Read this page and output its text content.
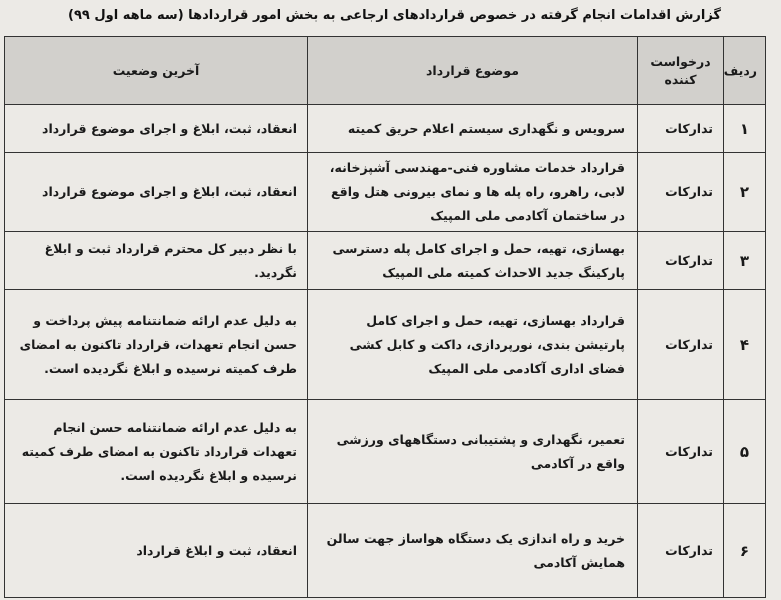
گزارش اقدامات انجام گرفته در خصوص قراردادهای ارجاعی به بخش امور قراردادها (سه ماهه اول ۹۹)
ردیف	درخواست کننده	موضوع قرارداد	آخرین وضعیت
۱	تدارکات	سرویس و نگهداری سیستم اعلام حریق کمیته	انعقاد، ثبت، ابلاغ و اجرای موضوع قرارداد
۲	تدارکات	قرارداد خدمات مشاوره فنی-مهندسی آشپزخانه، لابی، راهرو، راه پله ها و نمای بیرونی هتل واقع در ساختمان آکادمی ملی المپیک	انعقاد، ثبت، ابلاغ و اجرای موضوع قرارداد
۳	تدارکات	بهسازی، تهیه، حمل و اجرای کامل پله دسترسی پارکینگ جدید الاحداث کمیته ملی المپیک	با نظر دبیر کل محترم قرارداد ثبت و ابلاغ نگردید.
۴	تدارکات	قرارداد بهسازی، تهیه، حمل و اجرای کامل پارتیشن بندی، نورپردازی، داکت و کابل کشی فضای اداری آکادمی ملی المپیک	به دلیل عدم ارائه ضمانتنامه پیش پرداخت و حسن انجام تعهدات، قرارداد تاکنون به امضای طرف کمیته نرسیده و ابلاغ نگردیده است.
۵	تدارکات	تعمیر، نگهداری و پشتیبانی دستگاههای ورزشی واقع در آکادمی	به دلیل عدم ارائه ضمانتنامه حسن انجام تعهدات قرارداد تاکنون به امضای طرف کمیته نرسیده و ابلاغ نگردیده است.
۶	تدارکات	خرید و راه اندازی یک دستگاه هواساز جهت سالن همایش آکادمی	انعقاد، ثبت و ابلاغ قرارداد
